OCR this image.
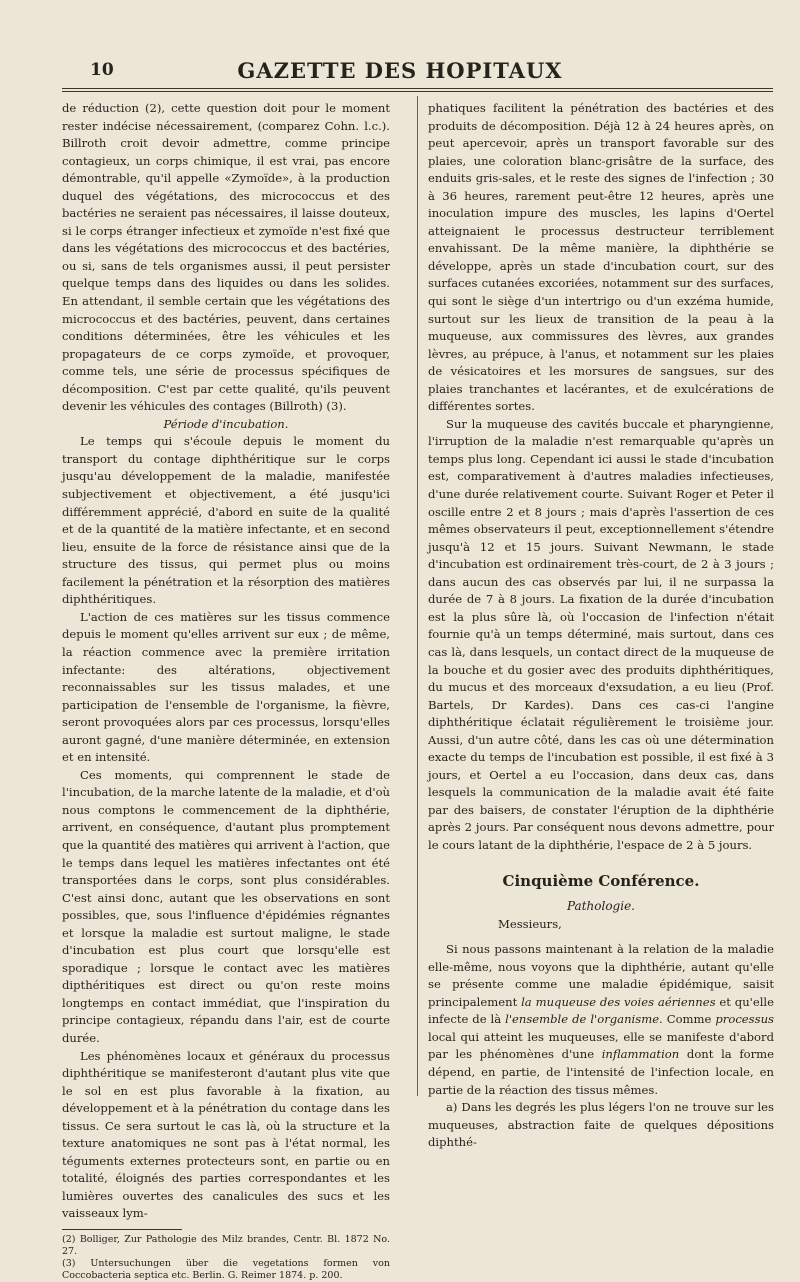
10	GAZETTE DES HOPITAUX

de réduction (2), cette question doit pour le moment rester indécise nécessairement, (comparez Cohn. l.c.). Billroth croit devoir admettre, comme principe contagieux, un corps chimique, il est vrai, pas encore démontrable, qu'il appelle «Zymoïde», à la production duquel des végétations, des micrococcus et des bactéries ne seraient pas nécessaires, il laisse douteux, si le corps étranger infectieux et zymoïde n'est fixé que dans les végétations des micrococcus et des bactéries, ou si, sans de tels organismes aussi, il peut persister quelque temps dans des liquides ou dans les solides. En attendant, il semble certain que les végétations des micrococcus et des bactéries, peuvent, dans certaines conditions déterminées, être les véhicules et les propagateurs de ce corps zymoïde, et provoquer, comme tels, une série de processus spécifiques de décomposition. C'est par cette qualité, qu'ils peuvent devenir les véhicules des contages (Billroth) (3).

Période d'incubation.

Le temps qui s'écoule depuis le moment du transport du contage diphthéritique sur le corps jusqu'au développement de la maladie, manifestée subjectivement et objectivement, a été jusqu'ici différemment apprécié, d'abord en suite de la qualité et de la quantité de la matière infectante, et en second lieu, ensuite de la force de résistance ainsi que de la structure des tissus, qui permet plus ou moins facilement la pénétration et la résorption des matières diphthéritiques.

L'action de ces matières sur les tissus commence depuis le moment qu'elles arrivent sur eux ; de même, la réaction commence avec la première irritation infectante: des altérations, objectivement reconnaissables sur les tissus malades, et une participation de l'ensemble de l'organisme, la fièvre, seront provoquées alors par ces processus, lorsqu'elles auront gagné, d'une manière déterminée, en extension et en intensité.

Ces moments, qui comprennent le stade de l'incubation, de la marche latente de la maladie, et d'où nous comptons le commencement de la diphthérie, arrivent, en conséquence, d'autant plus promptement que la quantité des matières qui arrivent à l'action, que le temps dans lequel les matières infectantes ont été transportées dans le corps, sont plus considérables. C'est ainsi donc, autant que les observations en sont possibles, que, sous l'influence d'épidémies régnantes et lorsque la maladie est surtout maligne, le stade d'incubation est plus court que lorsqu'elle est sporadique ; lorsque le contact avec les matières dipthéritiques est direct ou qu'on reste moins longtemps en contact immédiat, que l'inspiration du principe contagieux, répandu dans l'air, est de courte durée.

Les phénomènes locaux et généraux du processus diphthéritique se manifesteront d'autant plus vite que le sol en est plus favorable à la fixation, au développement et à la pénétration du contage dans les tissus. Ce sera surtout le cas là, où la structure et la texture anatomiques ne sont pas à l'état normal, les téguments externes protecteurs sont, en partie ou en totalité, éloignés des parties correspondantes et les lumières ouvertes des canalicules des sucs et les vaisseaux lym-

(2) Bolliger, Zur Pathologie des Milz brandes, Centr. Bl. 1872 No. 27.

(3) Untersuchungen über die vegetations formen von Coccobacteria septica etc. Berlin. G. Reimer 1874. p. 200.

phatiques facilitent la pénétration des bactéries et des produits de décomposition. Déjà 12 à 24 heures après, on peut apercevoir, après un transport favorable sur des plaies, une coloration blanc-grisâtre de la surface, des enduits gris-sales, et le reste des signes de l'infection ; 30 à 36 heures, rarement peut-être 12 heures, après une inoculation impure des muscles, les lapins d'Oertel atteignaient le processus destructeur terriblement envahissant. De la même manière, la diphthérie se développe, après un stade d'incubation court, sur des surfaces cutanées excoriées, notamment sur des surfaces, qui sont le siège d'un intertrigo ou d'un exzéma humide, surtout sur les lieux de transition de la peau à la muqueuse, aux commissures des lèvres, aux grandes lèvres, au prépuce, à l'anus, et notamment sur les plaies de vésicatoires et les morsures de sangsues, sur des plaies tranchantes et lacérantes, et de exulcérations de différentes sortes.

Sur la muqueuse des cavités buccale et pharyngienne, l'irruption de la maladie n'est remarquable qu'après un temps plus long. Cependant ici aussi le stade d'incubation est, comparativement à d'autres maladies infectieuses, d'une durée relativement courte. Suivant Roger et Peter il oscille entre 2 et 8 jours ; mais d'après l'assertion de ces mêmes observateurs il peut, exceptionnellement s'étendre jusqu'à 12 et 15 jours. Suivant Newmann, le stade d'incubation est ordinairement très-court, de 2 à 3 jours ; dans aucun des cas observés par lui, il ne surpassa la durée de 7 à 8 jours. La fixation de la durée d'incubation est la plus sûre là, où l'occasion de l'infection n'était fournie qu'à un temps déterminé, mais surtout, dans ces cas là, dans lesquels, un contact direct de la muqueuse de la bouche et du gosier avec des produits diphthéritiques, du mucus et des morceaux d'exsudation, a eu lieu (Prof. Bartels, Dr Kardes). Dans ces cas-ci l'angine diphthéritique éclatait régulièrement le troisième jour. Aussi, d'un autre côté, dans les cas où une détermination exacte du temps de l'incubation est possible, il est fixé à 3 jours, et Oertel a eu l'occasion, dans deux cas, dans lesquels la communication de la maladie avait été faite par des baisers, de constater l'éruption de la diphthérie après 2 jours. Par conséquent nous devons admettre, pour le cours latant de la diphthérie, l'espace de 2 à 5 jours.

Cinquième Conférence.

Pathologie.

Messieurs,

Si nous passons maintenant à la relation de la maladie elle-même, nous voyons que la diphthérie, autant qu'elle se présente comme une maladie épidémique, saisit principalement la muqueuse des voies aériennes et qu'elle infecte de là l'ensemble de l'organisme. Comme processus local qui atteint les muqueuses, elle se manifeste d'abord par les phénomènes d'une inflammation dont la forme dépend, en partie, de l'intensité de l'infection locale, en partie de la réaction des tissus mêmes.

a) Dans les degrés les plus légers l'on ne trouve sur les muqueuses, abstraction faite de quelques dépositions diphthé-
